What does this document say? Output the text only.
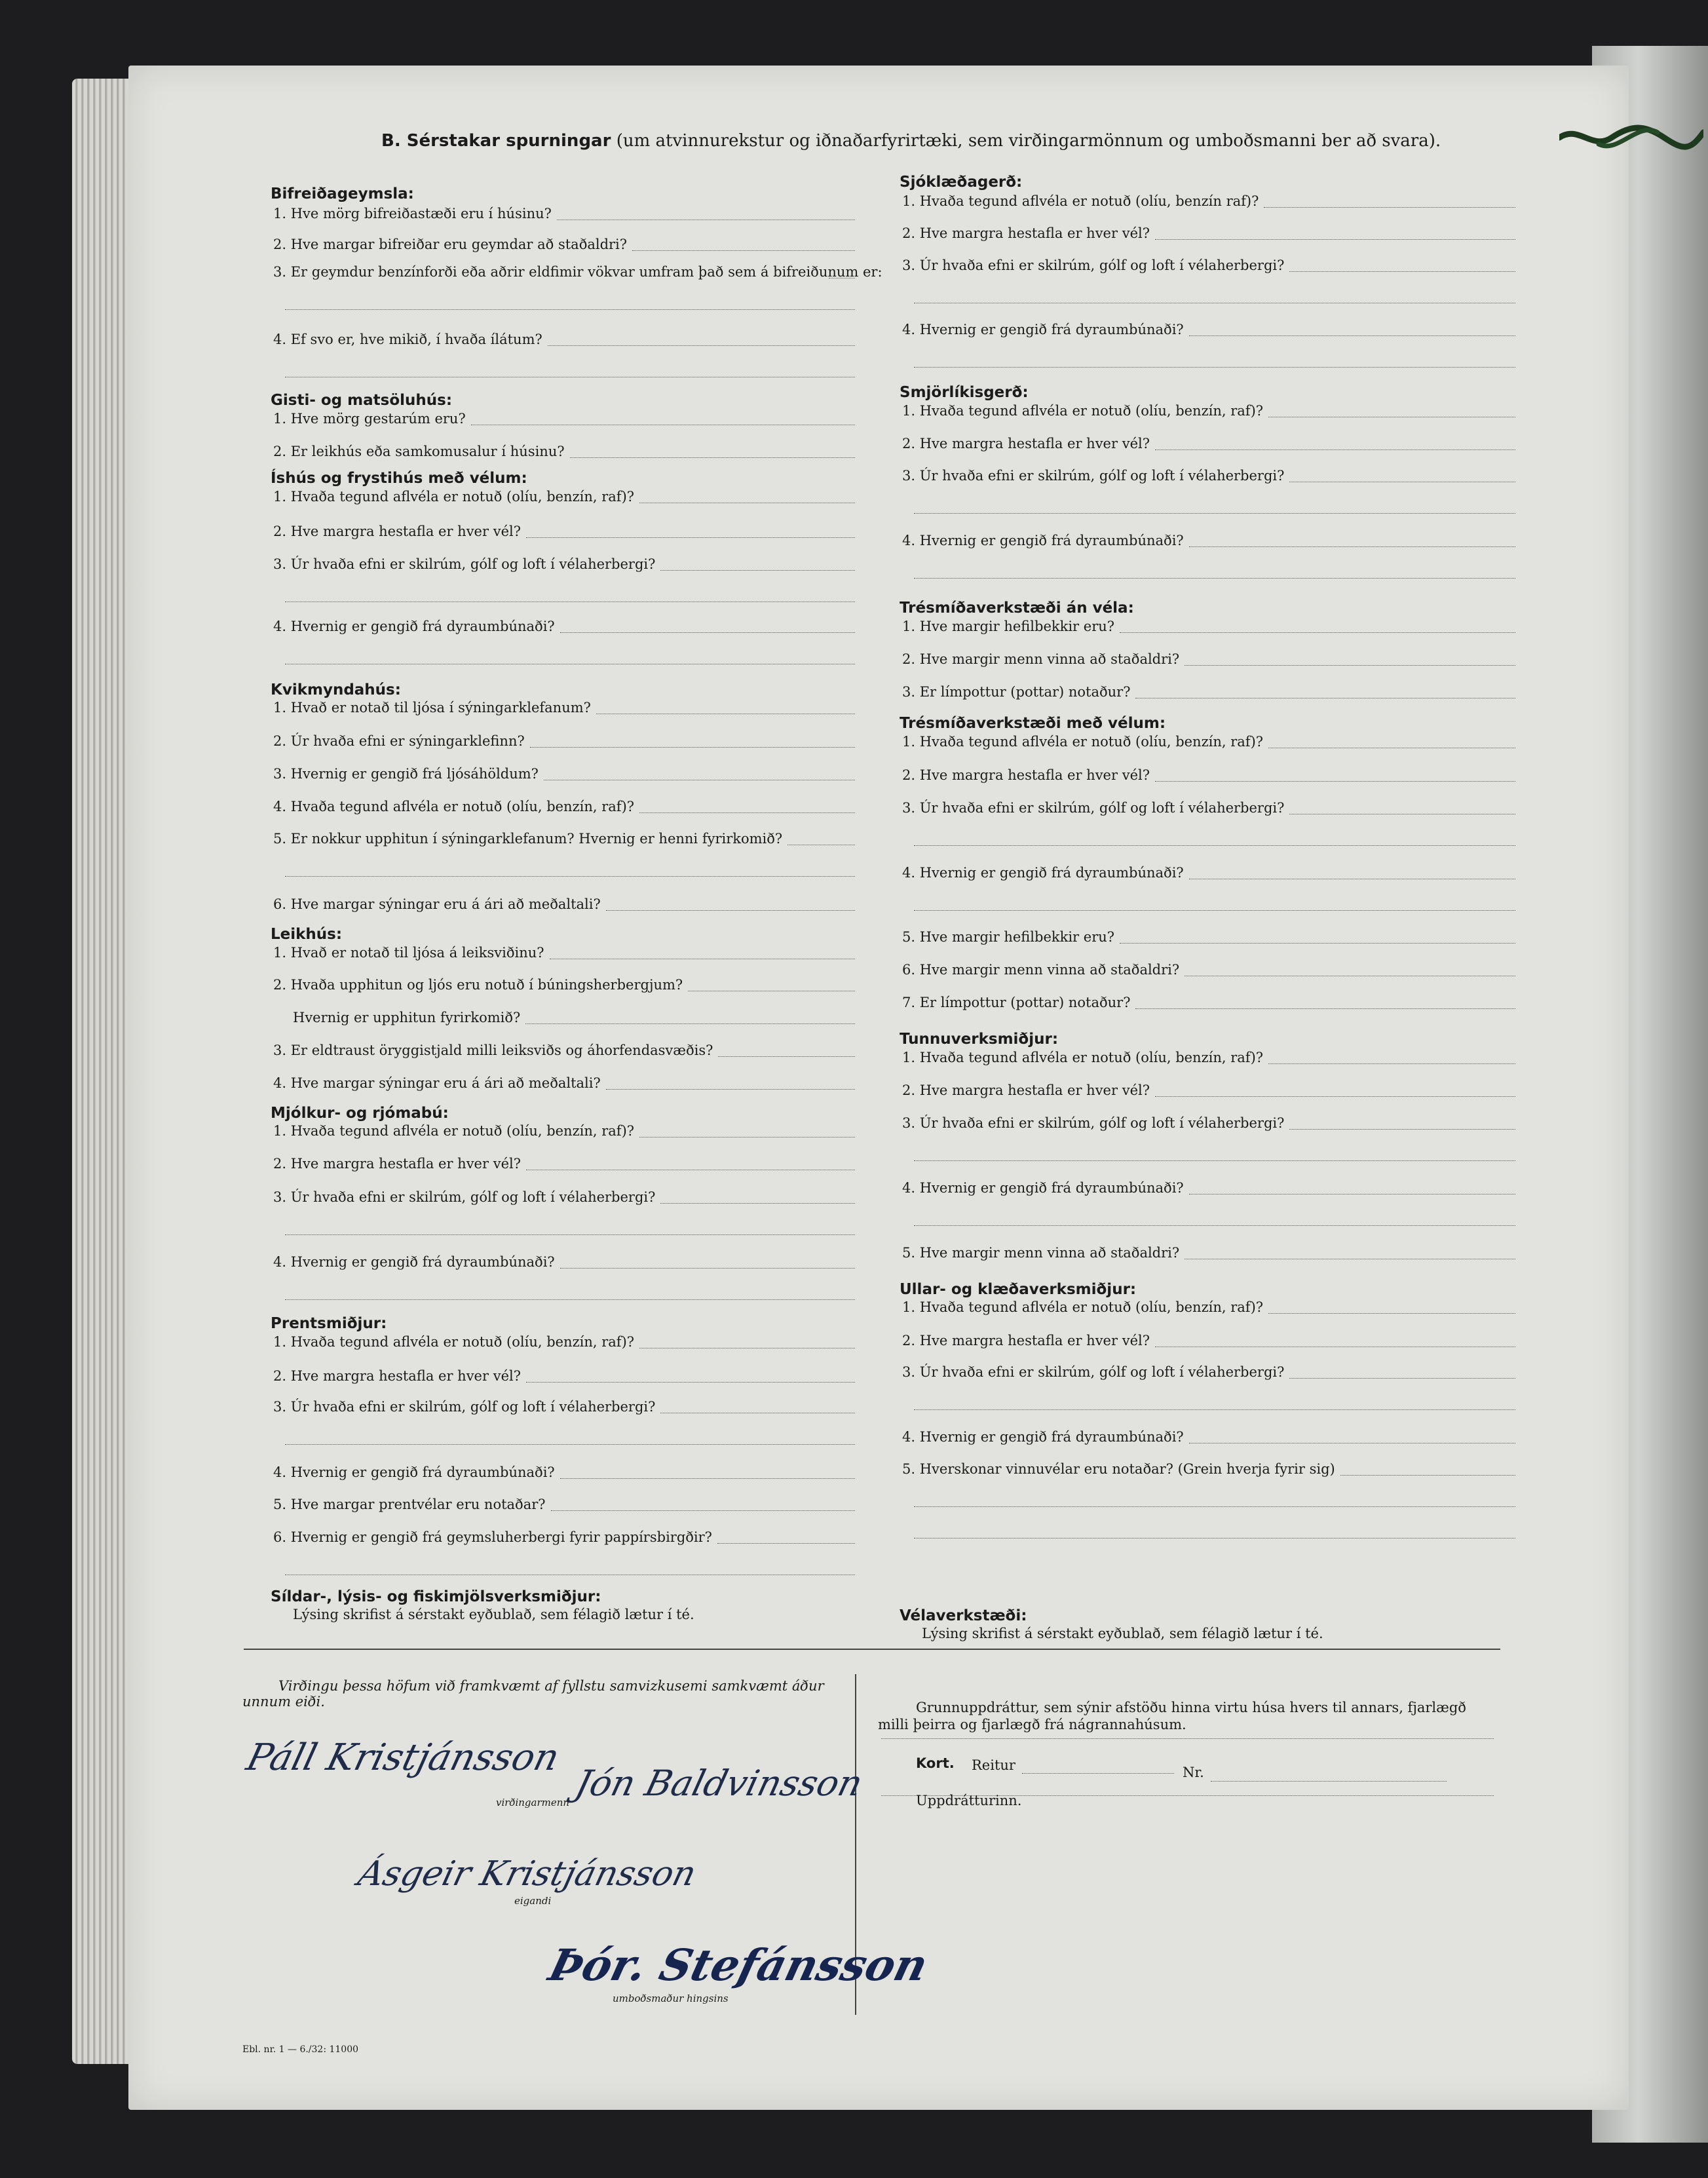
B. Sérstakar spurningar (um atvinnurekstur og iðnaðarfyrirtæki, sem virðingarmönnum og umboðsmanni ber að svara).
Bifreiðageymsla:
1. Hve mörg bifreiðastæði eru í húsinu?
2. Hve margar bifreiðar eru geymdar að staðaldri?
3. Er geymdur benzínforði eða aðrir eldfimir vökvar umfram það sem á bifreiðunum er:
4. Ef svo er, hve mikið, í hvaða ílátum?
Gisti- og matsöluhús:
1. Hve mörg gestarúm eru?
2. Er leikhús eða samkomusalur í húsinu?
Íshús og frystihús með vélum:
1. Hvaða tegund aflvéla er notuð (olíu, benzín, raf)?
2. Hve margra hestafla er hver vél?
3. Úr hvaða efni er skilrúm, gólf og loft í vélaherbergi?
4. Hvernig er gengið frá dyraumbúnaði?
Kvikmyndahús:
1. Hvað er notað til ljósa í sýningarklefanum?
2. Úr hvaða efni er sýningarklefinn?
3. Hvernig er gengið frá ljósáhöldum?
4. Hvaða tegund aflvéla er notuð (olíu, benzín, raf)?
5. Er nokkur upphitun í sýningarklefanum? Hvernig er henni fyrirkomið?
6. Hve margar sýningar eru á ári að meðaltali?
Leikhús:
1. Hvað er notað til ljósa á leiksviðinu?
2. Hvaða upphitun og ljós eru notuð í búningsherbergjum?
Hvernig er upphitun fyrirkomið?
3. Er eldtraust öryggistjald milli leiksviðs og áhorfendasvæðis?
4. Hve margar sýningar eru á ári að meðaltali?
Mjólkur- og rjómabú:
1. Hvaða tegund aflvéla er notuð (olíu, benzín, raf)?
2. Hve margra hestafla er hver vél?
3. Úr hvaða efni er skilrúm, gólf og loft í vélaherbergi?
4. Hvernig er gengið frá dyraumbúnaði?
Prentsmiðjur:
1. Hvaða tegund aflvéla er notuð (olíu, benzín, raf)?
2. Hve margra hestafla er hver vél?
3. Úr hvaða efni er skilrúm, gólf og loft í vélaherbergi?
4. Hvernig er gengið frá dyraumbúnaði?
5. Hve margar prentvélar eru notaðar?
6. Hvernig er gengið frá geymsluherbergi fyrir pappírsbirgðir?
Síldar-, lýsis- og fiskimjölsverksmiðjur:
Lýsing skrifist á sérstakt eyðublað, sem félagið lætur í té.
Sjóklæðagerð:
1. Hvaða tegund aflvéla er notuð (olíu, benzín raf)?
2. Hve margra hestafla er hver vél?
3. Úr hvaða efni er skilrúm, gólf og loft í vélaherbergi?
4. Hvernig er gengið frá dyraumbúnaði?
Smjörlíkisgerð:
1. Hvaða tegund aflvéla er notuð (olíu, benzín, raf)?
2. Hve margra hestafla er hver vél?
3. Úr hvaða efni er skilrúm, gólf og loft í vélaherbergi?
4. Hvernig er gengið frá dyraumbúnaði?
Trésmíðaverkstæði án véla:
1. Hve margir hefilbekkir eru?
2. Hve margir menn vinna að staðaldri?
3. Er límpottur (pottar) notaður?
Trésmíðaverkstæði með vélum:
1. Hvaða tegund aflvéla er notuð (olíu, benzín, raf)?
2. Hve margra hestafla er hver vél?
3. Úr hvaða efni er skilrúm, gólf og loft í vélaherbergi?
4. Hvernig er gengið frá dyraumbúnaði?
5. Hve margir hefilbekkir eru?
6. Hve margir menn vinna að staðaldri?
7. Er límpottur (pottar) notaður?
Tunnuverksmiðjur:
1. Hvaða tegund aflvéla er notuð (olíu, benzín, raf)?
2. Hve margra hestafla er hver vél?
3. Úr hvaða efni er skilrúm, gólf og loft í vélaherbergi?
4. Hvernig er gengið frá dyraumbúnaði?
5. Hve margir menn vinna að staðaldri?
Ullar- og klæðaverksmiðjur:
1. Hvaða tegund aflvéla er notuð (olíu, benzín, raf)?
2. Hve margra hestafla er hver vél?
3. Úr hvaða efni er skilrúm, gólf og loft í vélaherbergi?
4. Hvernig er gengið frá dyraumbúnaði?
5. Hverskonar vinnuvélar eru notaðar? (Grein hverja fyrir sig)
Vélaverkstæði:
Lýsing skrifist á sérstakt eyðublað, sem félagið lætur í té.
Virðingu þessa höfum við framkvæmt af fyllstu samvizkusemi samkvæmt áður
unnum eiði.
Páll Kristjánsson
Jón Baldvinsson
virðingarmenn
Ásgeir Kristjánsson
eigandi
Þór. Stefánsson
umboðsmaður hingsins
Ebl. nr. 1 — 6./32: 11000
Grunnuppdráttur, sem sýnir afstöðu hinna virtu húsa hvers til annars, fjarlægð
milli þeirra og fjarlægð frá nágrannahúsum.
Kort. Reitur	Nr.
Uppdrátturinn.
